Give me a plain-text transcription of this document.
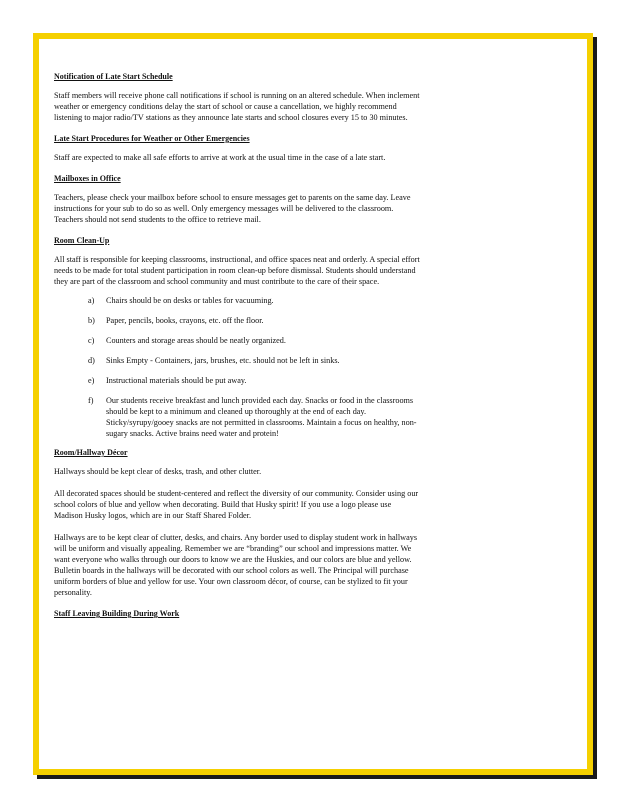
Notification of Late Start Schedule
Staff members will receive phone call notifications if school is running on an altered schedule. When inclement
weather or emergency conditions delay the start of school or cause a cancellation, we highly recommend
listening to major radio/TV stations as they announce late starts and school closures every 15 to 30 minutes.
Late Start Procedures for Weather or Other Emergencies
Staff are expected to make all safe efforts to arrive at work at the usual time in the case of a late start.
Mailboxes in Office
Teachers, please check your mailbox before school to ensure messages get to parents on the same day. Leave
instructions for your sub to do so as well. Only emergency messages will be delivered to the classroom.
Teachers should not send students to the office to retrieve mail.
Room Clean-Up
All staff is responsible for keeping classrooms, instructional, and office spaces neat and orderly. A special effort
needs to be made for total student participation in room clean-up before dismissal. Students should understand
they are part of the classroom and school community and must contribute to the care of their space.
a)	Chairs should be on desks or tables for vacuuming.
b)	Paper, pencils, books, crayons, etc. off the floor.
c)	Counters and storage areas should be neatly organized.
d)	Sinks Empty - Containers, jars, brushes, etc. should not be left in sinks.
e)	Instructional materials should be put away.
f)	Our students receive breakfast and lunch provided each day. Snacks or food in the classrooms
should be kept to a minimum and cleaned up thoroughly at the end of each day.
Sticky/syrupy/gooey snacks are not permitted in classrooms. Maintain a focus on healthy, non-
sugary snacks. Active brains need water and protein!
Room/Hallway Décor
Hallways should be kept clear of desks, trash, and other clutter.
All decorated spaces should be student-centered and reflect the diversity of our community. Consider using our
school colors of blue and yellow when decorating. Build that Husky spirit! If you use a logo please use
Madison Husky logos, which are in our Staff Shared Folder.
Hallways are to be kept clear of clutter, desks, and chairs. Any border used to display student work in hallways
will be uniform and visually appealing. Remember we are “branding” our school and impressions matter. We
want everyone who walks through our doors to know we are the Huskies, and our colors are blue and yellow.
Bulletin boards in the hallways will be decorated with our school colors as well. The Principal will purchase
uniform borders of blue and yellow for use. Your own classroom décor, of course, can be stylized to fit your
personality.
Staff Leaving Building During Work
